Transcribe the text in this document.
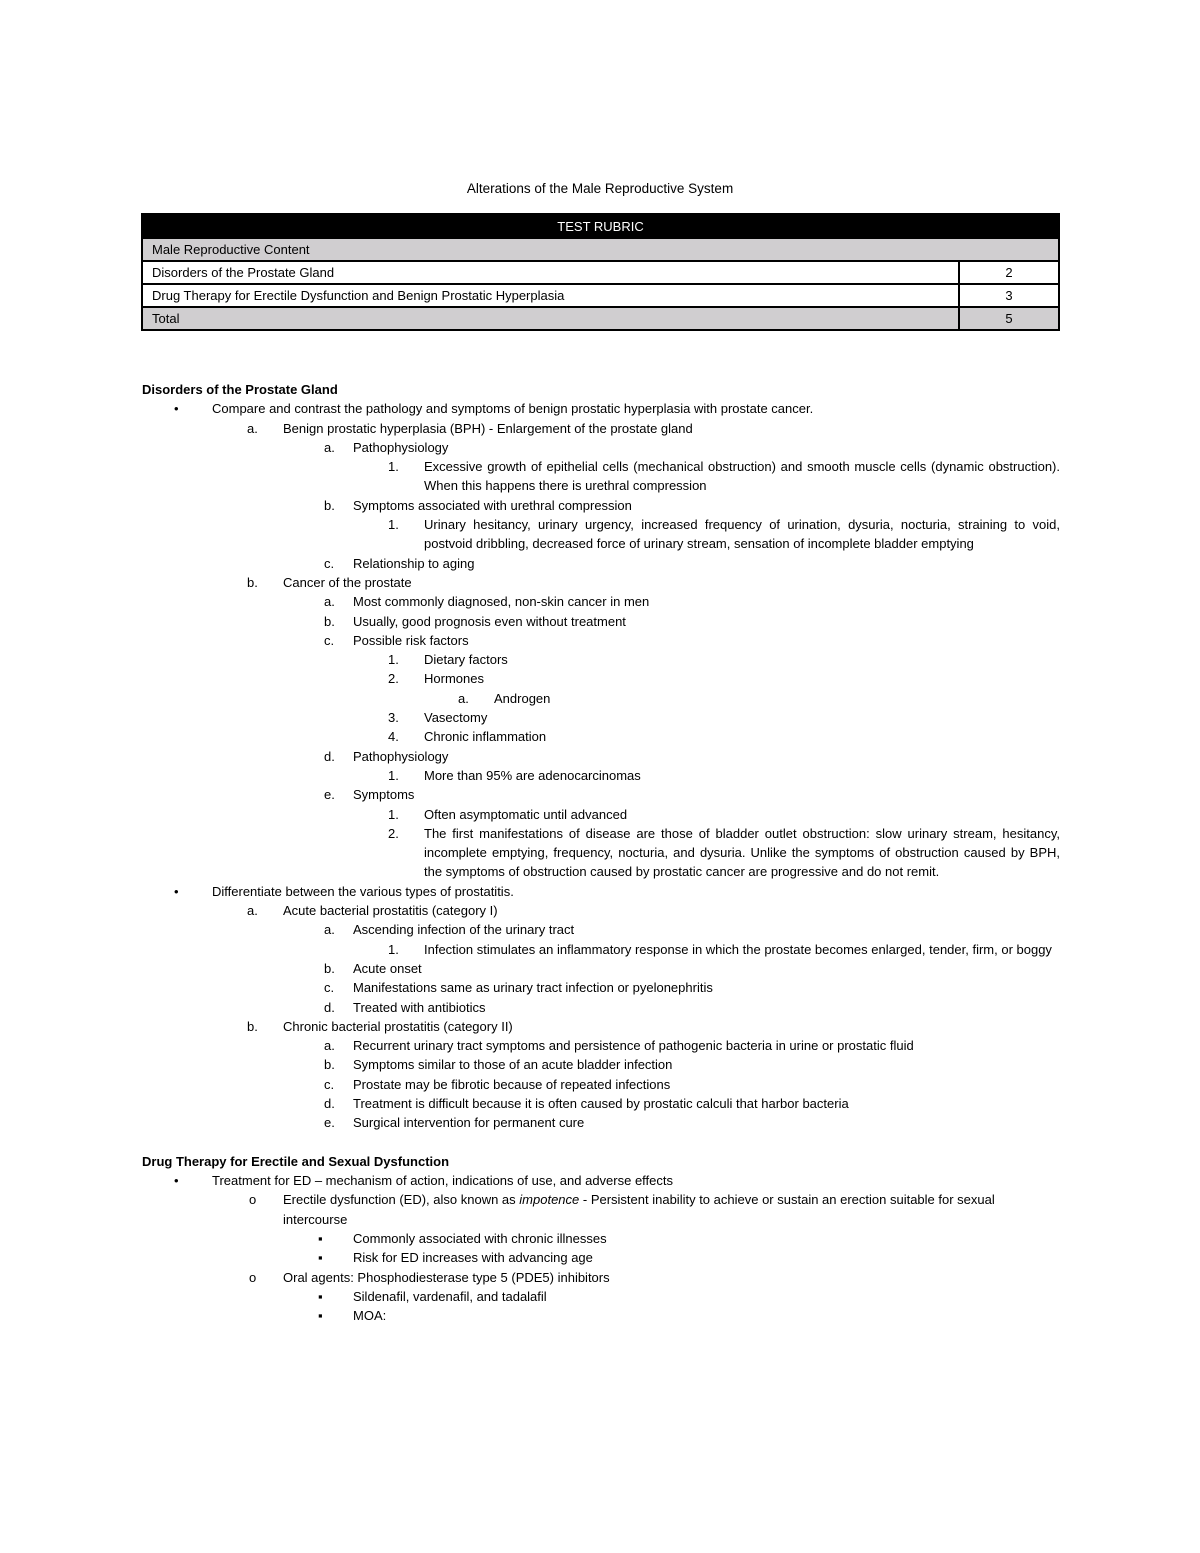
Alterations of the Male Reproductive System
TEST RUBRIC	
Male Reproductive Content	
Disorders of the Prostate Gland	2
Drug Therapy for Erectile Dysfunction and Benign Prostatic Hyperplasia	3
Total	5
Disorders of the Prostate Gland
•	Compare and contrast the pathology and symptoms of benign prostatic hyperplasia with prostate cancer.
a. Benign prostatic hyperplasia (BPH) - Enlargement of the prostate gland
a. Pathophysiology
1. Excessive growth of epithelial cells (mechanical obstruction) and smooth muscle cells (dynamic obstruction). When this happens there is urethral compression
b. Symptoms associated with urethral compression
1. Urinary hesitancy, urinary urgency, increased frequency of urination, dysuria, nocturia, straining to void, postvoid dribbling, decreased force of urinary stream, sensation of incomplete bladder emptying
c. Relationship to aging
b. Cancer of the prostate
a. Most commonly diagnosed, non-skin cancer in men
b. Usually, good prognosis even without treatment
c. Possible risk factors
1. Dietary factors
2. Hormones
a. Androgen
3. Vasectomy
4. Chronic inflammation
d. Pathophysiology
1. More than 95% are adenocarcinomas
e. Symptoms
1. Often asymptomatic until advanced
2. The first manifestations of disease are those of bladder outlet obstruction: slow urinary stream, hesitancy, incomplete emptying, frequency, nocturia, and dysuria. Unlike the symptoms of obstruction caused by BPH, the symptoms of obstruction caused by prostatic cancer are progressive and do not remit.
•	Differentiate between the various types of prostatitis.
a. Acute bacterial prostatitis (category I)
a. Ascending infection of the urinary tract
1. Infection stimulates an inflammatory response in which the prostate becomes enlarged, tender, firm, or boggy
b. Acute onset
c. Manifestations same as urinary tract infection or pyelonephritis
d. Treated with antibiotics
b. Chronic bacterial prostatitis (category II)
a. Recurrent urinary tract symptoms and persistence of pathogenic bacteria in urine or prostatic fluid
b. Symptoms similar to those of an acute bladder infection
c. Prostate may be fibrotic because of repeated infections
d. Treatment is difficult because it is often caused by prostatic calculi that harbor bacteria
e. Surgical intervention for permanent cure
Drug Therapy for Erectile and Sexual Dysfunction
•	Treatment for ED – mechanism of action, indications of use, and adverse effects
o Erectile dysfunction (ED), also known as impotence - Persistent inability to achieve or sustain an erection suitable for sexual intercourse
▪ Commonly associated with chronic illnesses
▪ Risk for ED increases with advancing age
o Oral agents: Phosphodiesterase type 5 (PDE5) inhibitors
▪ Sildenafil, vardenafil, and tadalafil
▪ MOA:
